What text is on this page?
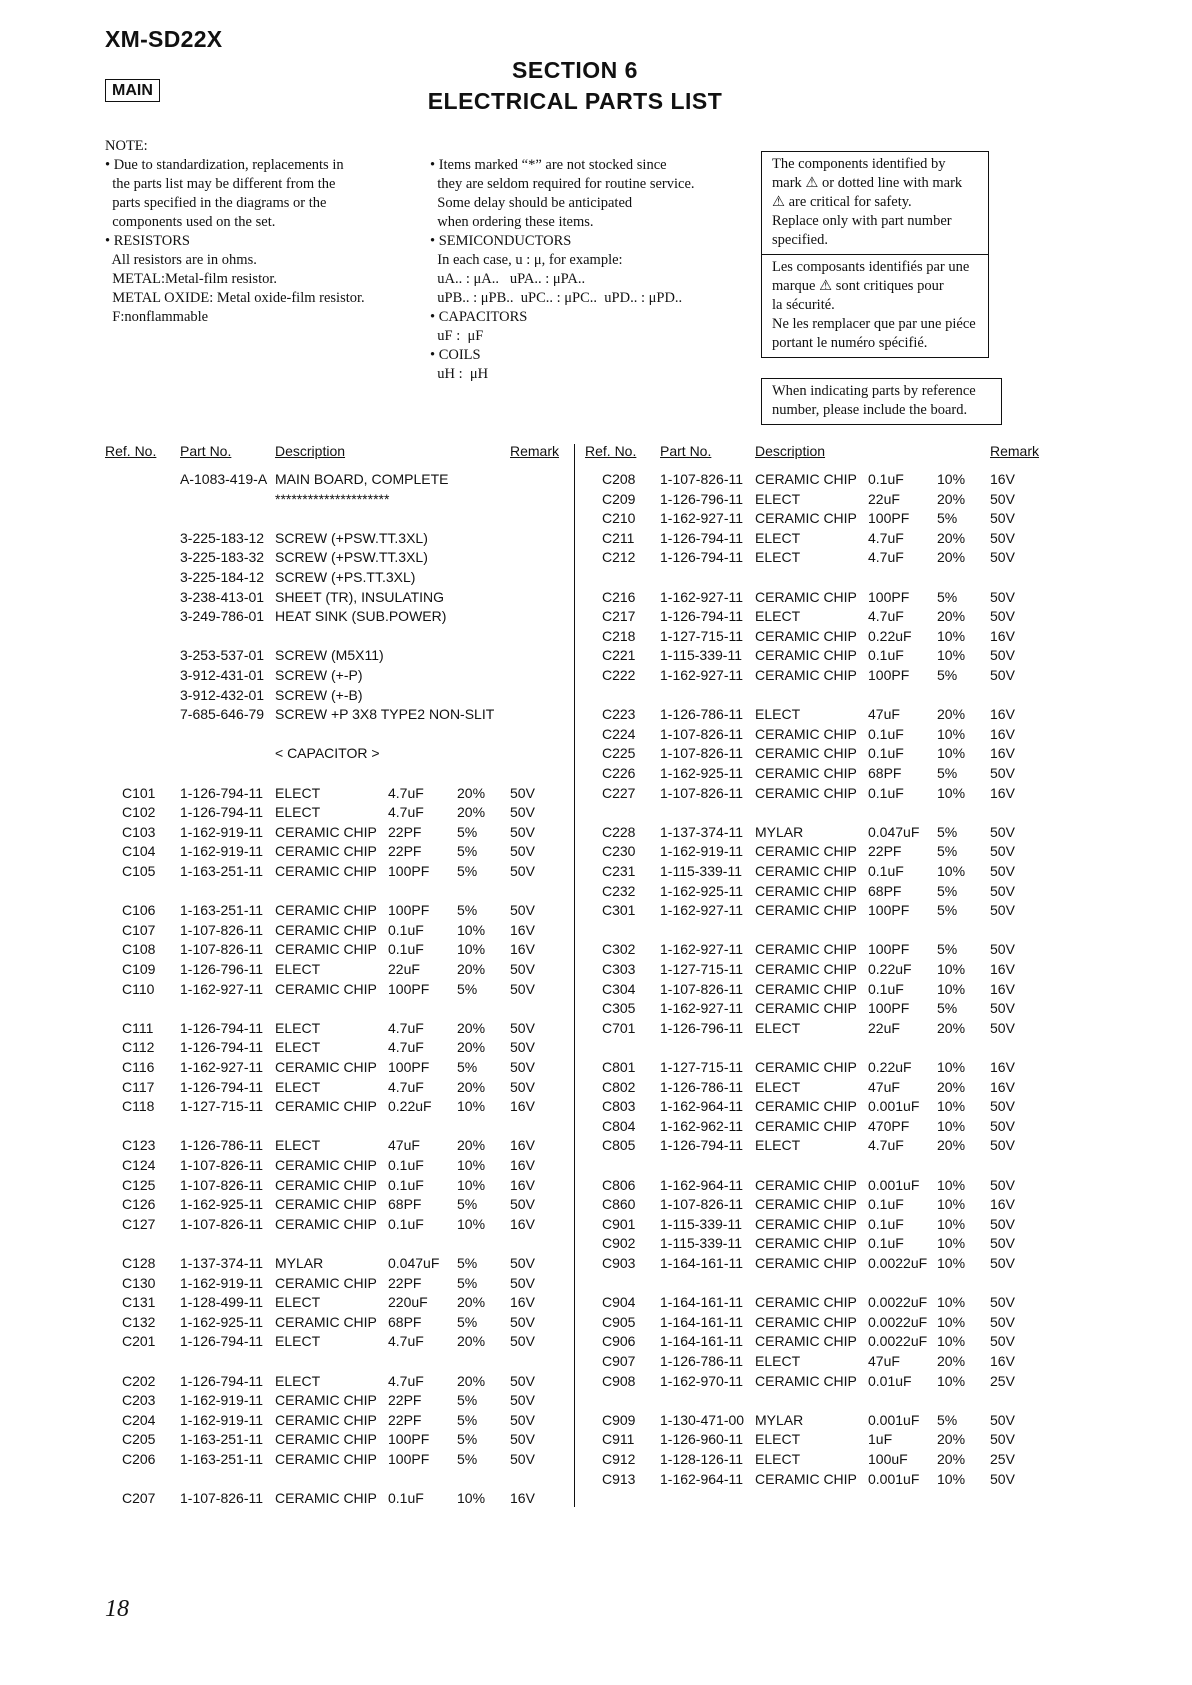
XM-SD22X
MAIN
SECTION 6
ELECTRICAL PARTS LIST
NOTE:
• Due to standardization, replacements in
the parts list may be different from the
parts specified in the diagrams or the
components used on the set.
• RESISTORS
All resistors are in ohms.
METAL:Metal-film resistor.
METAL OXIDE: Metal oxide-film resistor.
F:nonflammable
• Items marked “*” are not stocked since
they are seldom required for routine service.
Some delay should be anticipated
when ordering these items.
• SEMICONDUCTORS
In each case, u : μ, for example:
uA.. : μA..   uPA.. : μPA..
uPB.. : μPB..  uPC.. : μPC..  uPD.. : μPD..
• CAPACITORS
uF :  μF
• COILS
uH :  μH
The components identified by
mark ⚠ or dotted line with mark
⚠ are critical for safety.
Replace only with part number
specified.
Les composants identifiés par une
marque ⚠ sont critiques pour
la sécurité.
Ne les remplacer que par une piéce
portant le numéro spécifié.
When indicating parts by reference
number, please include the board.
Ref. No. Part No.	Description	Remark Ref. No. Part No.	Description	Remark
A-1083-419-A MAIN BOARD, COMPLETE
*********************
3-225-183-12 SCREW (+PSW.TT.3XL)
3-225-183-32 SCREW (+PSW.TT.3XL)
3-225-184-12 SCREW (+PS.TT.3XL)
3-238-413-01 SHEET (TR), INSULATING
3-249-786-01 HEAT SINK (SUB.POWER)
3-253-537-01 SCREW (M5X11)
3-912-431-01 SCREW (+-P)
3-912-432-01 SCREW (+-B)
7-685-646-79 SCREW +P 3X8 TYPE2 NON-SLIT
< CAPACITOR >
C101 1-126-794-11 ELECT	4.7uF 20% 50V
C102 1-126-794-11 ELECT	4.7uF 20% 50V
C103 1-162-919-11 CERAMIC CHIP 22PF	5% 50V
C104 1-162-919-11 CERAMIC CHIP 22PF	5% 50V
C105 1-163-251-11 CERAMIC CHIP 100PF 5% 50V
C106 1-163-251-11 CERAMIC CHIP 100PF 5% 50V
C107 1-107-826-11 CERAMIC CHIP 0.1uF 10% 16V
C108 1-107-826-11 CERAMIC CHIP 0.1uF 10% 16V
C109 1-126-796-11 ELECT	22uF	20% 50V
C110 1-162-927-11 CERAMIC CHIP 100PF 5% 50V
C111 1-126-794-11 ELECT	4.7uF 20% 50V
C112 1-126-794-11 ELECT	4.7uF 20% 50V
C116 1-162-927-11 CERAMIC CHIP 100PF 5% 50V
C117 1-126-794-11 ELECT	4.7uF 20% 50V
C118 1-127-715-11 CERAMIC CHIP 0.22uF 10% 16V
C123 1-126-786-11 ELECT	47uF	20% 16V
C124 1-107-826-11 CERAMIC CHIP 0.1uF 10% 16V
C125 1-107-826-11 CERAMIC CHIP 0.1uF 10% 16V
C126 1-162-925-11 CERAMIC CHIP 68PF	5% 50V
C127 1-107-826-11 CERAMIC CHIP 0.1uF 10% 16V
C128 1-137-374-11 MYLAR	0.047uF 5% 50V
C130 1-162-919-11 CERAMIC CHIP 22PF	5% 50V
C131 1-128-499-11 ELECT	220uF 20% 16V
C132 1-162-925-11 CERAMIC CHIP 68PF	5% 50V
C201 1-126-794-11 ELECT	4.7uF 20% 50V
C202 1-126-794-11 ELECT	4.7uF 20% 50V
C203 1-162-919-11 CERAMIC CHIP 22PF	5% 50V
C204 1-162-919-11 CERAMIC CHIP 22PF	5% 50V
C205 1-163-251-11 CERAMIC CHIP 100PF 5% 50V
C206 1-163-251-11 CERAMIC CHIP 100PF 5% 50V
C207 1-107-826-11 CERAMIC CHIP 0.1uF 10% 16V
C208 1-107-826-11 CERAMIC CHIP 0.1uF 10% 16V
C209 1-126-796-11 ELECT	22uF	20% 50V
C210 1-162-927-11 CERAMIC CHIP 100PF 5% 50V
C211 1-126-794-11 ELECT	4.7uF 20% 50V
C212 1-126-794-11 ELECT	4.7uF 20% 50V
C216 1-162-927-11 CERAMIC CHIP 100PF 5% 50V
C217 1-126-794-11 ELECT	4.7uF 20% 50V
C218 1-127-715-11 CERAMIC CHIP 0.22uF 10% 16V
C221 1-115-339-11 CERAMIC CHIP 0.1uF 10% 50V
C222 1-162-927-11 CERAMIC CHIP 100PF 5% 50V
C223 1-126-786-11 ELECT	47uF	20% 16V
C224 1-107-826-11 CERAMIC CHIP 0.1uF 10% 16V
C225 1-107-826-11 CERAMIC CHIP 0.1uF 10% 16V
C226 1-162-925-11 CERAMIC CHIP 68PF	5% 50V
C227 1-107-826-11 CERAMIC CHIP 0.1uF 10% 16V
C228 1-137-374-11 MYLAR	0.047uF 5% 50V
C230 1-162-919-11 CERAMIC CHIP 22PF	5% 50V
C231 1-115-339-11 CERAMIC CHIP 0.1uF 10% 50V
C232 1-162-925-11 CERAMIC CHIP 68PF	5% 50V
C301 1-162-927-11 CERAMIC CHIP 100PF 5% 50V
C302 1-162-927-11 CERAMIC CHIP 100PF 5% 50V
C303 1-127-715-11 CERAMIC CHIP 0.22uF 10% 16V
C304 1-107-826-11 CERAMIC CHIP 0.1uF 10% 16V
C305 1-162-927-11 CERAMIC CHIP 100PF 5% 50V
C701 1-126-796-11 ELECT	22uF	20% 50V
C801 1-127-715-11 CERAMIC CHIP 0.22uF 10% 16V
C802 1-126-786-11 ELECT	47uF	20% 16V
C803 1-162-964-11 CERAMIC CHIP 0.001uF 10% 50V
C804 1-162-962-11 CERAMIC CHIP 470PF 10% 50V
C805 1-126-794-11 ELECT	4.7uF 20% 50V
C806 1-162-964-11 CERAMIC CHIP 0.001uF 10% 50V
C860 1-107-826-11 CERAMIC CHIP 0.1uF 10% 16V
C901 1-115-339-11 CERAMIC CHIP 0.1uF 10% 50V
C902 1-115-339-11 CERAMIC CHIP 0.1uF 10% 50V
C903 1-164-161-11 CERAMIC CHIP 0.0022uF 10% 50V
C904 1-164-161-11 CERAMIC CHIP 0.0022uF 10% 50V
C905 1-164-161-11 CERAMIC CHIP 0.0022uF 10% 50V
C906 1-164-161-11 CERAMIC CHIP 0.0022uF 10% 50V
C907 1-126-786-11 ELECT	47uF	20% 16V
C908 1-162-970-11 CERAMIC CHIP 0.01uF 10% 25V
C909 1-130-471-00 MYLAR	0.001uF 5% 50V
C911 1-126-960-11 ELECT	1uF	20% 50V
C912 1-128-126-11 ELECT	100uF 20% 25V
C913 1-162-964-11 CERAMIC CHIP 0.001uF 10% 50V
18
